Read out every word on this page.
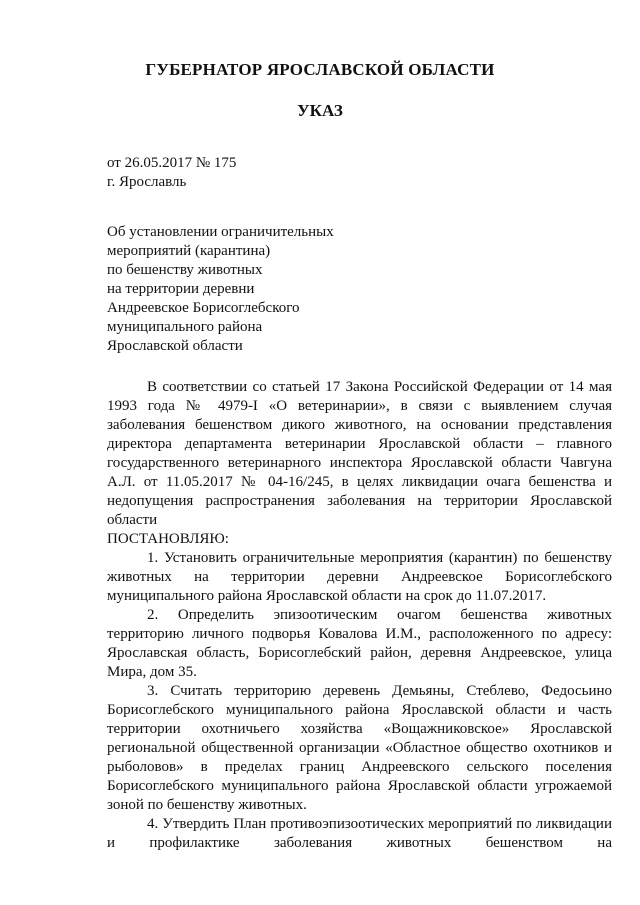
ГУБЕРНАТОР ЯРОСЛАВСКОЙ ОБЛАСТИ
УКАЗ
от 26.05.2017 № 175
г. Ярославль
Об установлении ограничительных
мероприятий (карантина)
по бешенству животных
на территории деревни
Андреевское Борисоглебского
муниципального района
Ярославской области

В соответствии со статьей 17 Закона Российской Федерации от 14 мая 1993 года № 4979-I «О ветеринарии», в связи с выявлением случая заболевания бешенством дикого животного, на основании представления директора департамента ветеринарии Ярославской области – главного государственного ветеринарного инспектора Ярославской области Чавгуна А.Л. от 11.05.2017 № 04-16/245, в целях ликвидации очага бешенства и недопущения распространения заболевания на территории Ярославской области

ПОСТАНОВЛЯЮ:

1. Установить ограничительные мероприятия (карантин) по бешенству животных на территории деревни Андреевское Борисоглебского муниципального района Ярославской области на срок до 11.07.2017.

2. Определить эпизоотическим очагом бешенства животных территорию личного подворья Ковалова И.М., расположенного по адресу: Ярославская область, Борисоглебский район, деревня Андреевское, улица Мира, дом 35.

3. Считать территорию деревень Демьяны, Стеблево, Федосьино Борисоглебского муниципального района Ярославской области и часть территории охотничьего хозяйства «Вощажниковское» Ярославской региональной общественной организации «Областное общество охотников и рыболовов» в пределах границ Андреевского сельского поселения Борисоглебского муниципального района Ярославской области угрожаемой зоной по бешенству животных.

4. Утвердить План противоэпизоотических мероприятий по ликвидации и профилактике заболевания животных бешенством на
